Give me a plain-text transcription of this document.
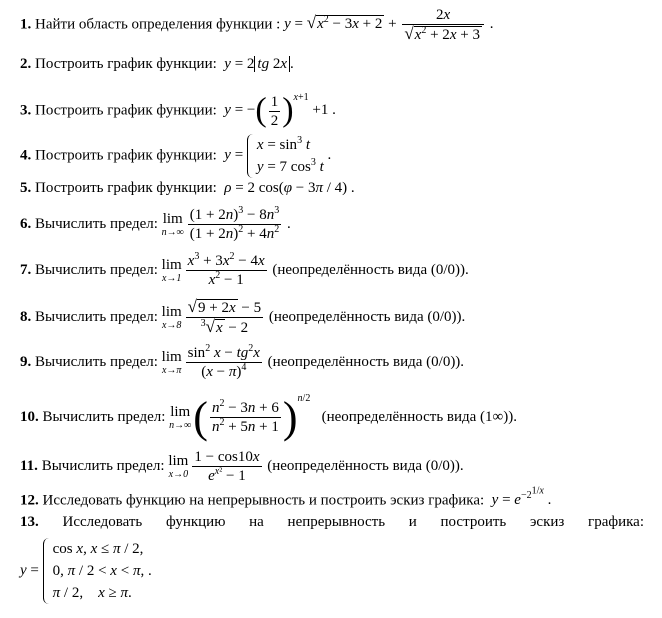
1. Найти область определения функции : $y = √x^2 - 3x + 2 + \frac{2x}{√x^2 + 2x + 3}$ .
2. Построить график функции: y = 2 tg 2x .
3. Построить график функции: y = −( $\frac{1}{2} )^{x+1} +1$ .
4. Построить график функции: y =
$x = \sin^3 t$
y = 7 $\cos^3 t$
.
5. Построить график функции: ρ = 2 cos(φ − 3π / 4) .
6. Вычислить предел: lim
$n\to\infty \frac{(1 + 2n)^3 - 8n^3}{(1 + 2n)^2 + 4n^2}$ .
7. Вычислить предел: lim
$x\to 1 \frac{x^3 + 3x^2 - 4x}{x^2 - 1}$ (неопределённость вида (0/0)).
8. Вычислить предел: lim
$x\to 8 \frac{√9 + 2x - 5}{^3√x - 2}$ (неопределённость вида (0/0)).
9. Вычислить предел: lim
$x\to\pi \frac{\sin^2 x - tg^2x}{(x - \pi)^4}$ (неопределённость вида (0/0)).
10. Вычислить предел: lim
n→∞ ( $\frac{n^2 - 3n + 6}{n^2 + 5n + 1} )^{n/2}$   (неопределённость вида (1∞)).
11. Вычислить предел: lim
$x\to 0 \frac{1 - \cos 10x}{e^{x^2} - 1}$ (неопределённость вида (0/0)).
12. Исследовать функцию на непрерывность и построить эскиз графика: $y = e^{-2^{1/x}}$ .
13. Исследовать функцию на непрерывность и построить эскиз графика:
y =
cos x, x ≤ π / 2,
0, π / 2 < x < π, .
π / 2,    x ≥ π.
